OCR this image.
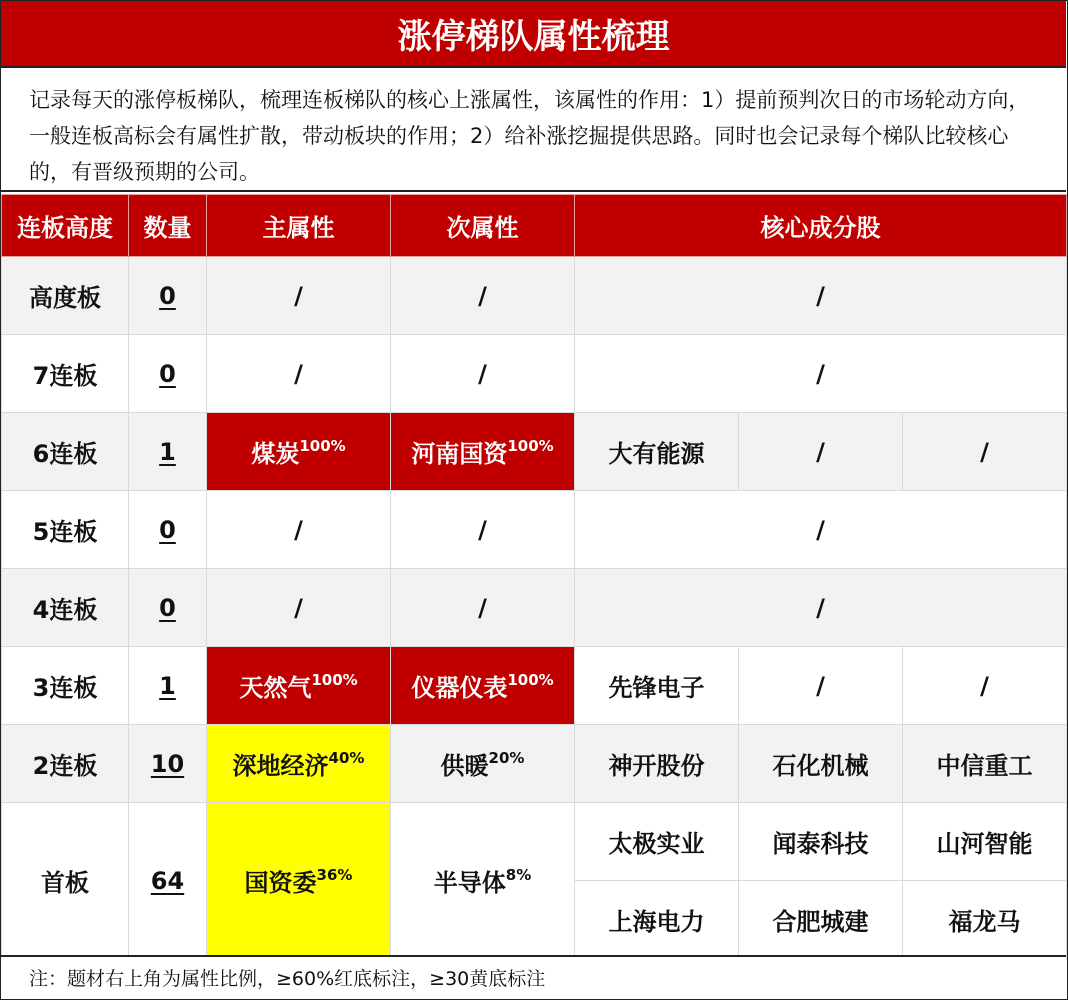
涨停梯队属性梳理
记录每天的涨停板梯队，梳理连板梯队的核心上涨属性，该属性的作用：1）提前预判次日的市场轮动方向，一般连板高标会有属性扩散，带动板块的作用；2）给补涨挖掘提供思路。同时也会记录每个梯队比较核心的，有晋级预期的公司。
连板高度	数量	主属性	次属性	核心成分股		
高度板	0	/	/	/		
7连板	0	/	/	/		
6连板	1	煤炭$^{100\%}$	河南国资$^{100\%}$	大有能源	/	/
5连板	0	/	/	/		
4连板	0	/	/	/		
3连板	1	天然气$^{100\%}$	仪器仪表$^{100\%}$	先锋电子	/	/
2连板	10	深地经济$^{40\%}$	供暖$^{20\%}$	神开股份	石化机械	中信重工
首板	64	国资委$^{36\%}$	半导体$^{8\%}$	太极实业	闻泰科技	山河智能
				上海电力	合肥城建	福龙马
注：题材右上角为属性比例，≥60%红底标注，≥30黄底标注
